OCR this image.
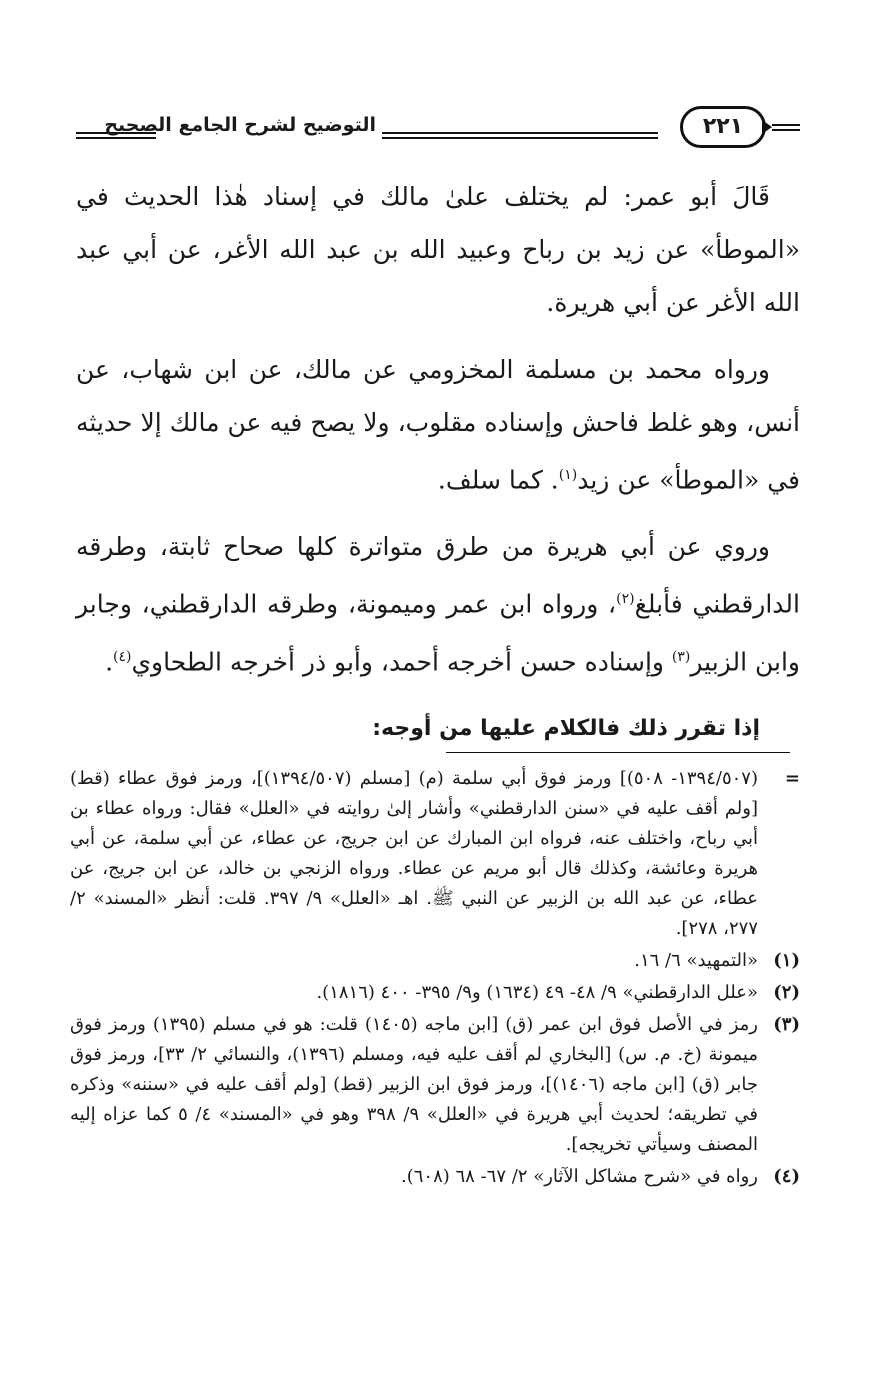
التوضيح لشرح الجامع الصحيح	٢٢١

قَالَ أبو عمر: لم يختلف علىٰ مالك في إسناد هٰذا الحديث في «الموطأ» عن زيد بن رباح وعبيد الله بن عبد الله الأغر، عن أبي عبد الله الأغر عن أبي هريرة.

ورواه محمد بن مسلمة المخزومي عن مالك، عن ابن شهاب، عن أنس، وهو غلط فاحش وإسناده مقلوب، ولا يصح فيه عن مالك إلا حديثه في «الموطأ» عن زيد$^{(١)}$. كما سلف.

وروي عن أبي هريرة من طرق متواترة كلها صحاح ثابتة، وطرقه الدارقطني فأبلغ$^{(٢)}$، ورواه ابن عمر وميمونة، وطرقه الدارقطني، وجابر وابن الزبير$^{(٣)}$ وإسناده حسن أخرجه أحمد، وأبو ذر أخرجه الطحاوي$^{(٤)}$.

إذا تقرر ذلك فالكلام عليها من أوجه:

=
(١٣٩٤/٥٠٧- ٥٠٨)] ورمز فوق أبي سلمة (م) [مسلم (١٣٩٤/٥٠٧)]، ورمز فوق عطاء (قط) [ولم أقف عليه في «سنن الدارقطني» وأشار إلىٰ روايته في «العلل» فقال: ورواه عطاء بن أبي رباح، واختلف عنه، فرواه ابن المبارك عن ابن جريج، عن عطاء، عن أبي سلمة، عن أبي هريرة وعائشة، وكذلك قال أبو مريم عن عطاء. ورواه الزنجي بن خالد، عن ابن جريج، عن عطاء، عن عبد الله بن الزبير عن النبي ﷺ. اهـ «العلل» ٩/ ٣٩٧. قلت: أنظر «المسند» ٢/ ٢٧٧، ٢٧٨].
(١)
«التمهيد» ٦/ ١٦.
(٢)
«علل الدارقطني» ٩/ ٤٨- ٤٩ (١٦٣٤) و٩/ ٣٩٥- ٤٠٠ (١٨١٦).
(٣)
رمز في الأصل فوق ابن عمر (ق) [ابن ماجه (١٤٠٥) قلت: هو في مسلم (١٣٩٥) ورمز فوق ميمونة (خ. م. س) [البخاري لم أقف عليه فيه، ومسلم (١٣٩٦)، والنسائي ٢/ ٣٣]، ورمز فوق جابر (ق) [ابن ماجه (١٤٠٦)]، ورمز فوق ابن الزبير (قط) [ولم أقف عليه في «سننه» وذكره في تطريقه؛ لحديث أبي هريرة في «العلل» ٩/ ٣٩٨ وهو في «المسند» ٤/ ٥ كما عزاه إليه المصنف وسيأتي تخريجه].
(٤)
رواه في «شرح مشاكل الآثار» ٢/ ٦٧- ٦٨ (٦٠٨).
